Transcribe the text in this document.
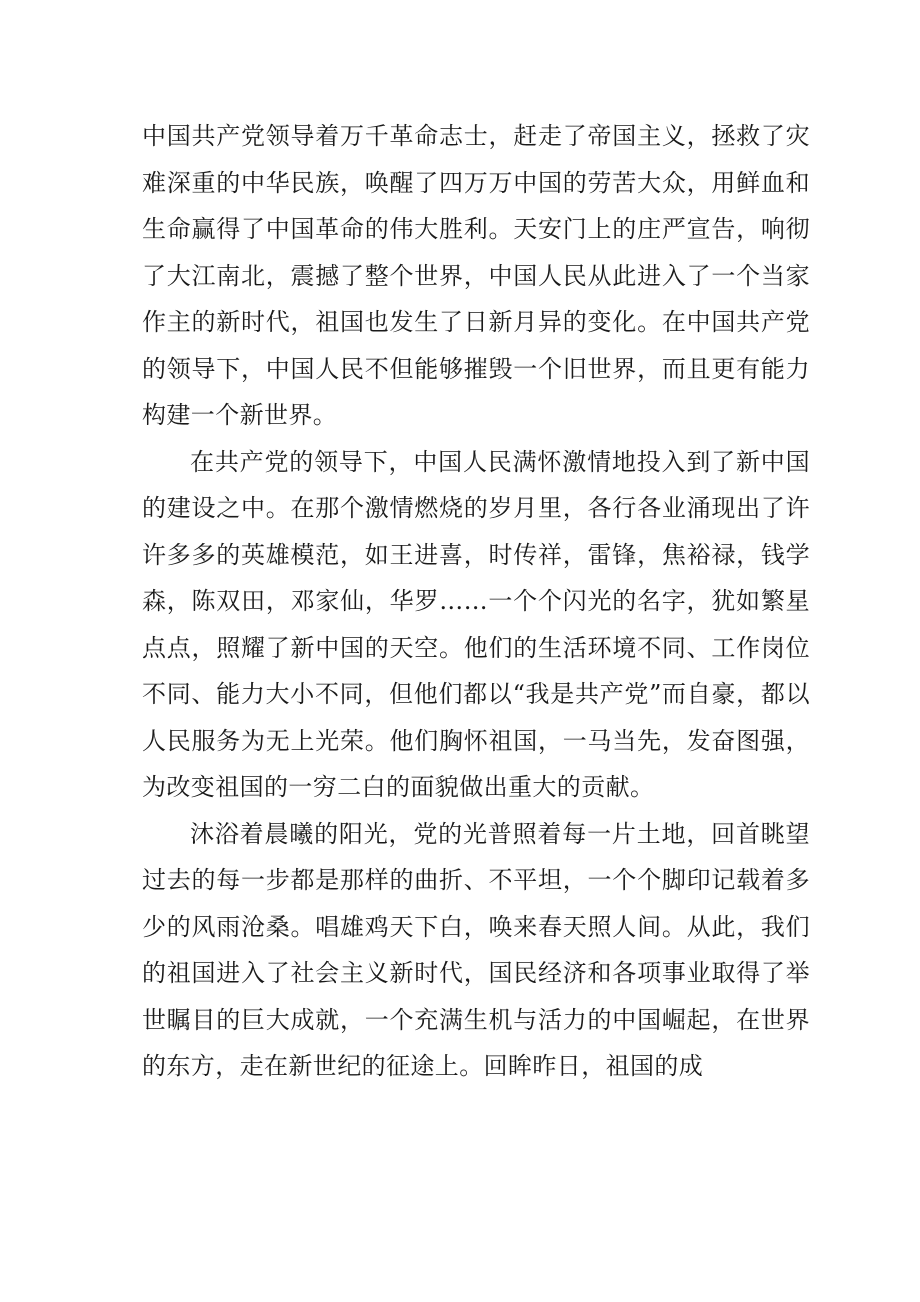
中国共产党领导着万千革命志士，赶走了帝国主义，拯救了灾难深重的中华民族，唤醒了四万万中国的劳苦大众，用鲜血和生命赢得了中国革命的伟大胜利。天安门上的庄严宣告，响彻了大江南北，震撼了整个世界，中国人民从此进入了一个当家作主的新时代，祖国也发生了日新月异的变化。在中国共产党的领导下，中国人民不但能够摧毁一个旧世界，而且更有能力构建一个新世界。

在共产党的领导下，中国人民满怀激情地投入到了新中国的建设之中。在那个激情燃烧的岁月里，各行各业涌现出了许许多多的英雄模范，如王进喜，时传祥，雷锋，焦裕禄，钱学森，陈双田，邓家仙，华罗……一个个闪光的名字，犹如繁星点点，照耀了新中国的天空。他们的生活环境不同、工作岗位不同、能力大小不同，但他们都以“我是共产党”而自豪，都以人民服务为无上光荣。他们胸怀祖国，一马当先，发奋图强，为改变祖国的一穷二白的面貌做出重大的贡献。

沐浴着晨曦的阳光，党的光普照着每一片土地，回首眺望过去的每一步都是那样的曲折、不平坦，一个个脚印记载着多少的风雨沧桑。唱雄鸡天下白，唤来春天照人间。从此，我们的祖国进入了社会主义新时代，国民经济和各项事业取得了举世瞩目的巨大成就，一个充满生机与活力的中国崛起，在世界的东方，走在新世纪的征途上。回眸昨日，祖国的成
